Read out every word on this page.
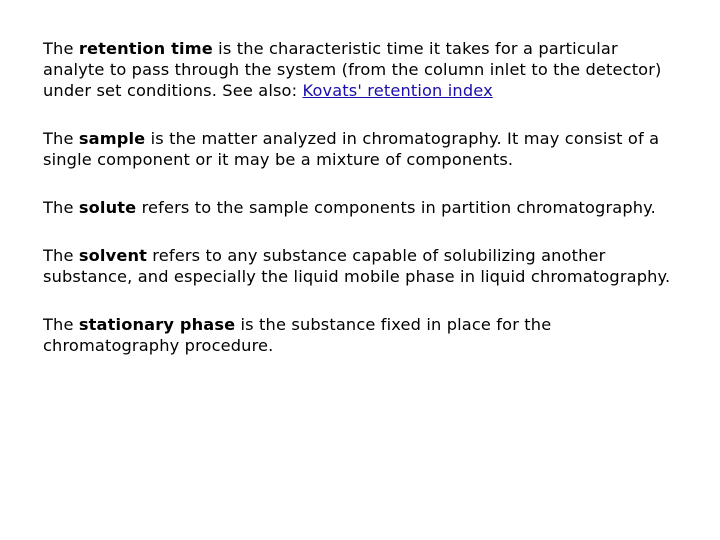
The retention time is the characteristic time it takes for a particular analyte to pass through the system (from the column inlet to the detector) under set conditions. See also: Kovats' retention index

The sample is the matter analyzed in chromatography. It may consist of a single component or it may be a mixture of components.

The solute refers to the sample components in partition chromatography.

The solvent refers to any substance capable of solubilizing another substance, and especially the liquid mobile phase in liquid chromatography.

The stationary phase is the substance fixed in place for the chromatography procedure.
